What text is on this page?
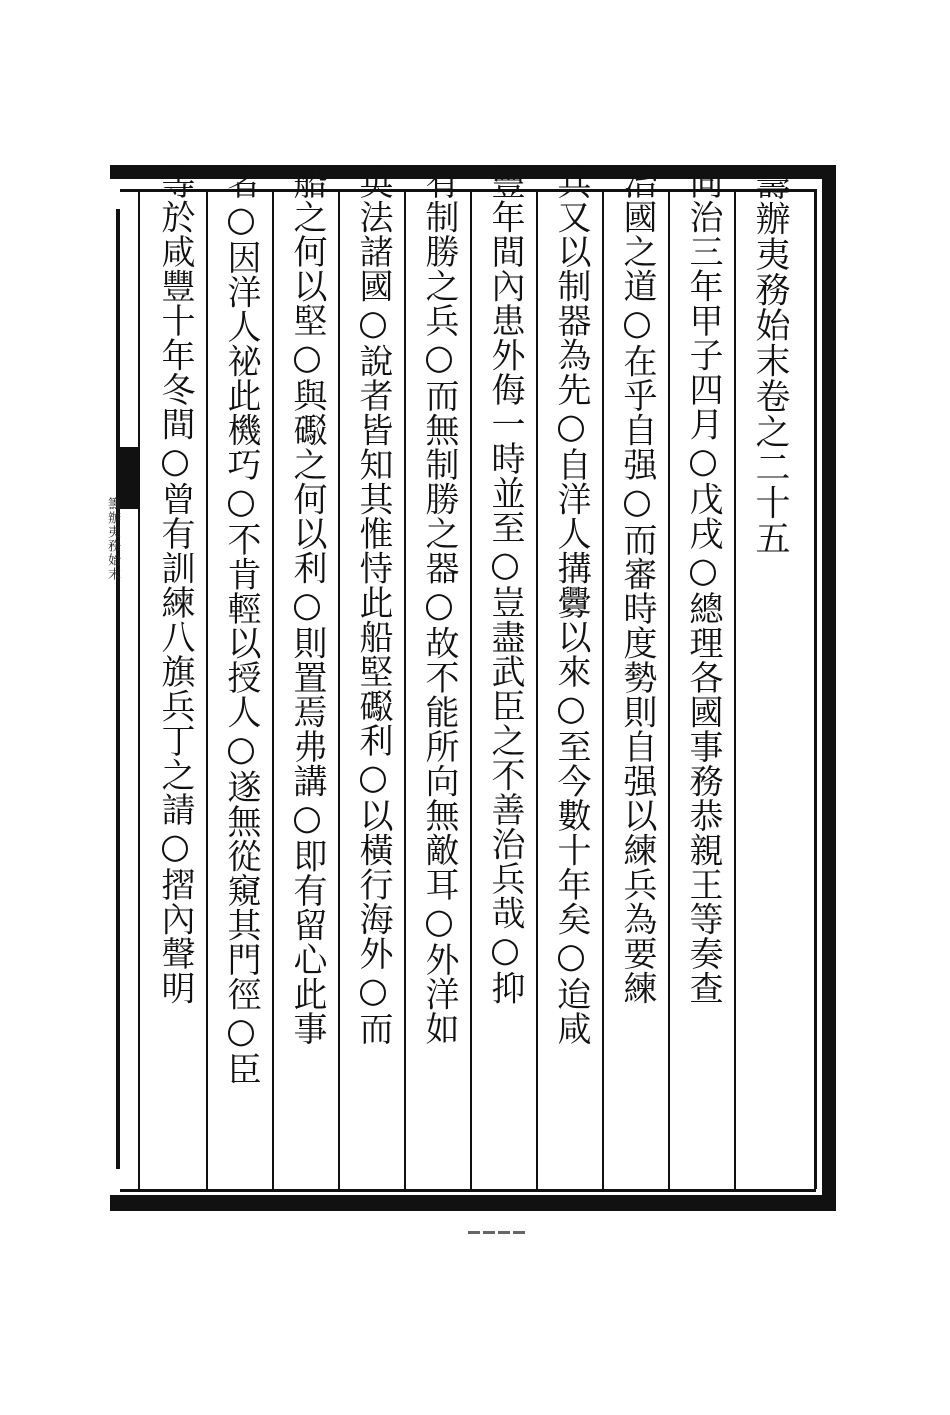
籌辦夷務始末	籌辦夷務始末卷之二十五
同治三年甲子四月○戊戌○總理各國事務恭親王等奏查
治國之道○在乎自强○而審時度勢則自强以練兵為要練
兵又以制器為先○自洋人搆釁以來○至今數十年矣○迨咸
豐年間內患外侮一時並至○豈盡武臣之不善治兵哉○抑
有制勝之兵○而無制勝之器○故不能所向無敵耳○外洋如
英法諸國○說者皆知其惟恃此船堅礟利○以橫行海外○而
船之何以堅○與礟之何以利○則置焉弗講○即有留心此事
者○因洋人祕此機巧○不肯輕以授人○遂無從窺其門徑○臣
等於咸豐十年冬間○曾有訓練八旗兵丁之請○摺內聲明
